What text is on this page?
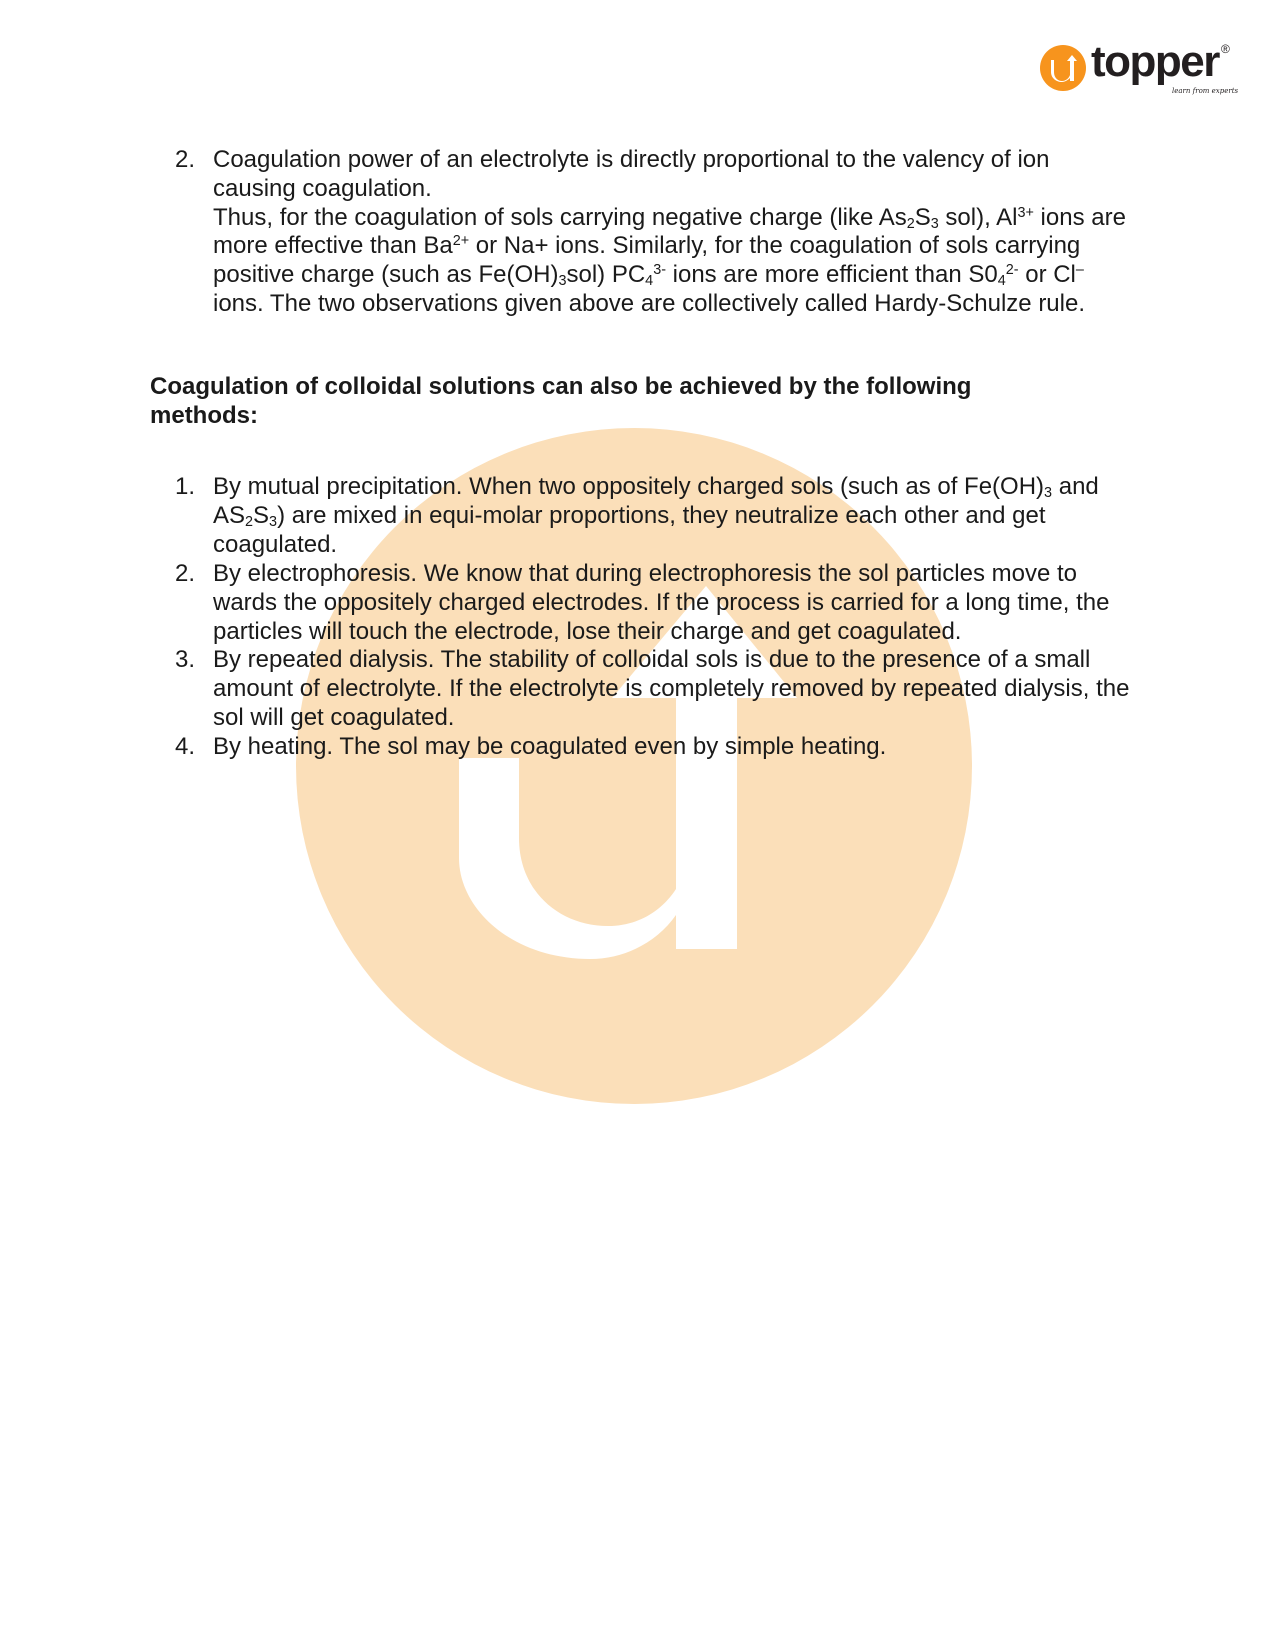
topper ®
learn from experts
2. Coagulation power of an electrolyte is directly proportional to the valency of ion causing coagulation.
Thus, for the coagulation of sols carrying negative charge (like $As_2S_3$ sol), $Al^{3+}$ ions are more effective than $Ba^{2+}$ or Na+ ions. Similarly, for the coagulation of sols carrying positive charge (such as $Fe(OH)_3sol$) $PC_4^{3-}$ ions are more efficient than $S0_4^{2-}$ or Cl– ions. The two observations given above are collectively called Hardy-Schulze rule.
Coagulation of colloidal solutions can also be achieved by the following methods:
1. By mutual precipitation. When two oppositely charged sols (such as of $Fe(OH)_3$ and $AS_2S_3$) are mixed in equi-molar proportions, they neutralize each other and get coagulated.
2. By electrophoresis. We know that during electrophoresis the sol particles move to wards the oppositely charged electrodes. If the process is carried for a long time, the particles will touch the electrode, lose their charge and get coagulated.
3. By repeated dialysis. The stability of colloidal sols is due to the presence of a small amount of electrolyte. If the electrolyte is completely removed by repeated dialysis, the sol will get coagulated.
4. By heating. The sol may be coagulated even by simple heating.
